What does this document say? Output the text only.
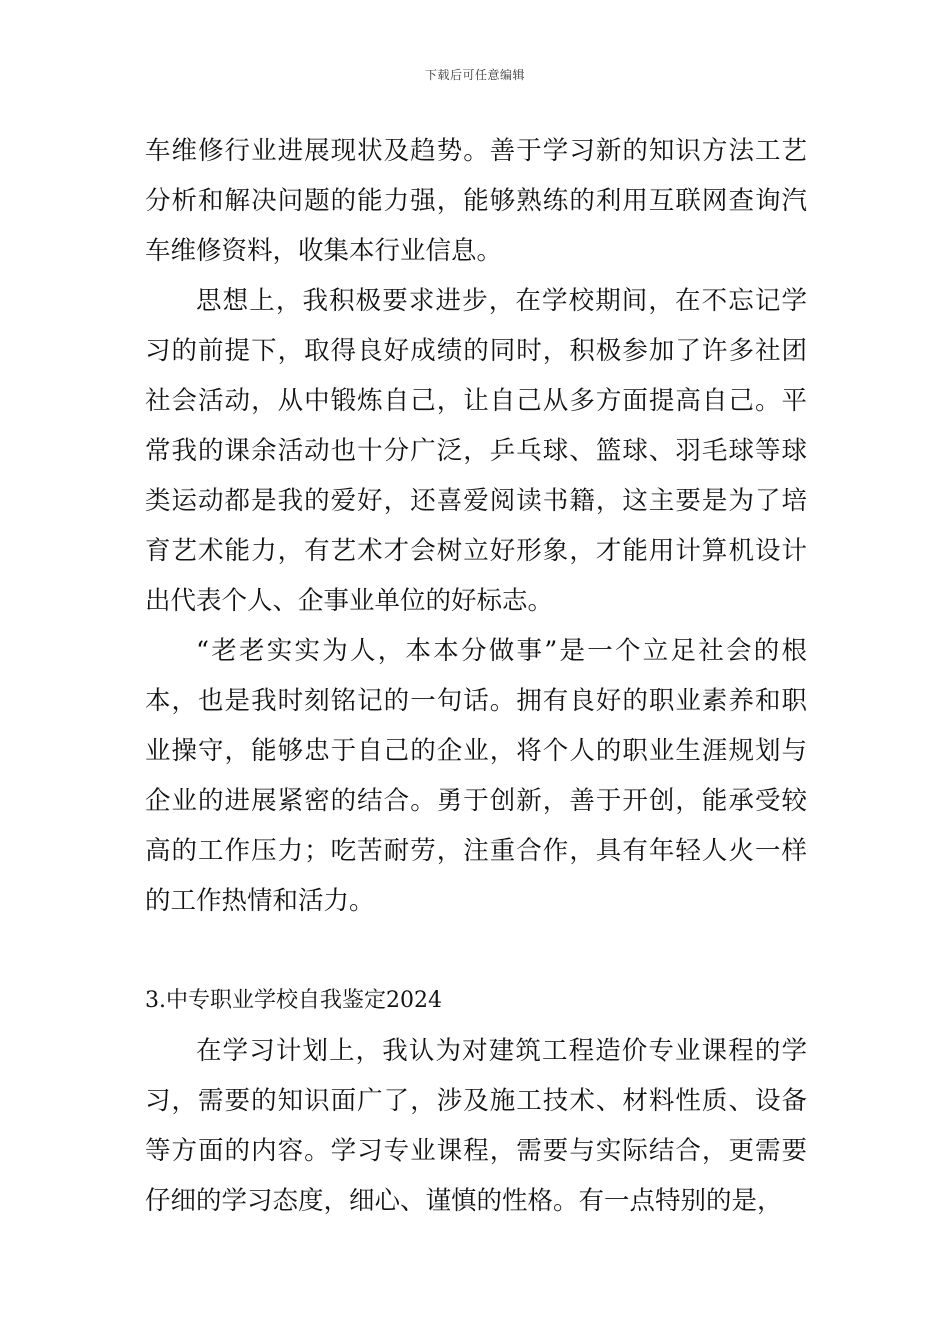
下载后可任意编辑

车维修行业进展现状及趋势。善于学习新的知识方法工艺分析和解决问题的能力强，能够熟练的利用互联网查询汽车维修资料，收集本行业信息。

思想上，我积极要求进步，在学校期间，在不忘记学习的前提下，取得良好成绩的同时，积极参加了许多社团社会活动，从中锻炼自己，让自己从多方面提高自己。平常我的课余活动也十分广泛，乒乓球、篮球、羽毛球等球类运动都是我的爱好，还喜爱阅读书籍，这主要是为了培育艺术能力，有艺术才会树立好形象，才能用计算机设计出代表个人、企事业单位的好标志。

“老老实实为人，本本分做事”是一个立足社会的根本，也是我时刻铭记的一句话。拥有良好的职业素养和职业操守，能够忠于自己的企业，将个人的职业生涯规划与企业的进展紧密的结合。勇于创新，善于开创，能承受较高的工作压力；吃苦耐劳，注重合作，具有年轻人火一样的工作热情和活力。

3.中专职业学校自我鉴定2024

在学习计划上，我认为对建筑工程造价专业课程的学习，需要的知识面广了，涉及施工技术、材料性质、设备等方面的内容。学习专业课程，需要与实际结合，更需要仔细的学习态度，细心、谨慎的性格。有一点特别的是，
